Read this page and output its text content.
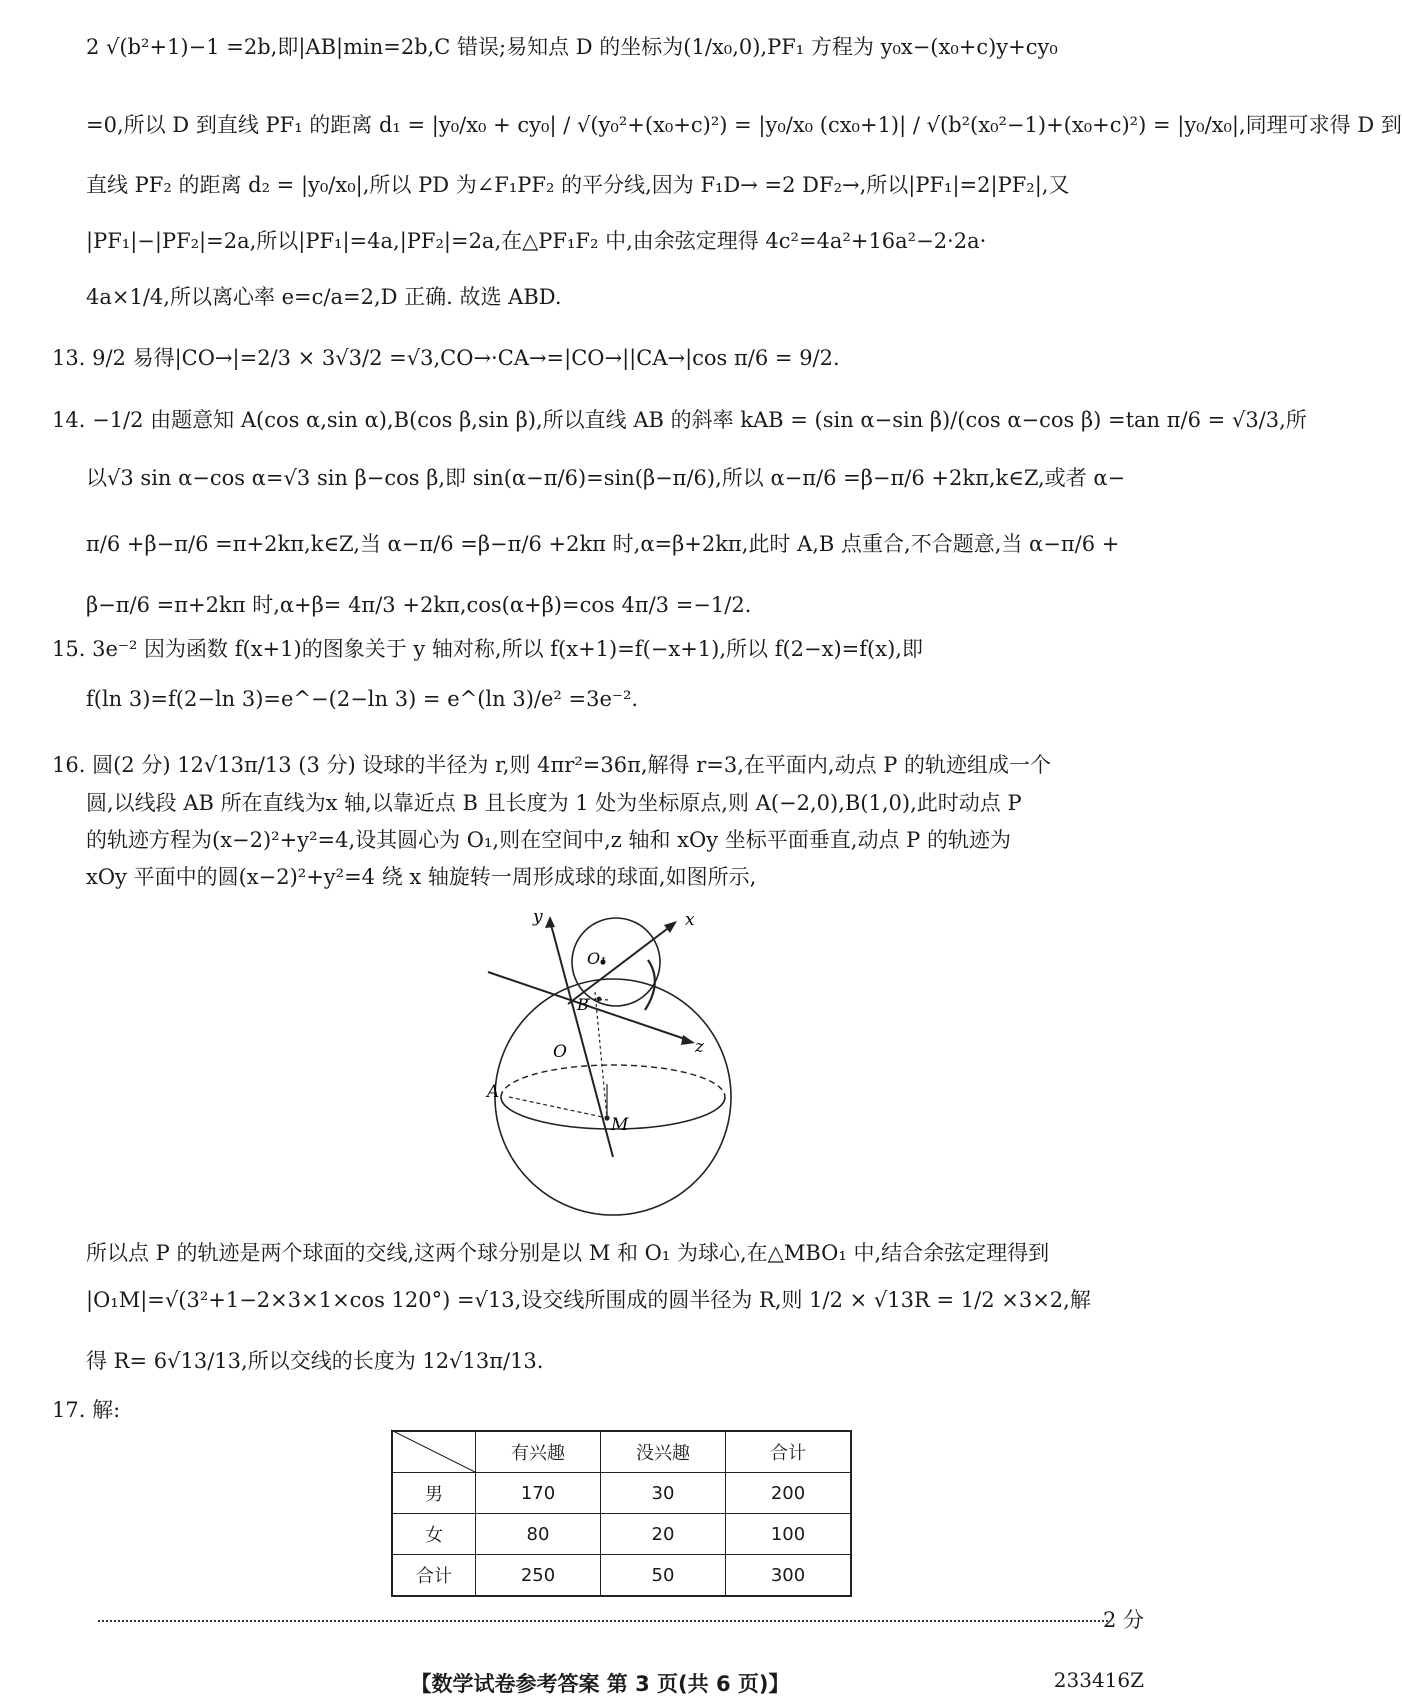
2 √(b²+1)−1 =2b,即|AB|min=2b,C 错误;易知点 D 的坐标为(1/x₀,0),PF₁ 方程为 y₀x−(x₀+c)y+cy₀
=0,所以 D 到直线 PF₁ 的距离 d₁ = |y₀/x₀ + cy₀| / √(y₀²+(x₀+c)²) = |y₀/x₀ (cx₀+1)| / √(b²(x₀²−1)+(x₀+c)²) = |y₀/x₀|,同理可求得 D 到
直线 PF₂ 的距离 d₂ = |y₀/x₀|,所以 PD 为∠F₁PF₂ 的平分线,因为 F₁D→ =2 DF₂→,所以|PF₁|=2|PF₂|,又
|PF₁|−|PF₂|=2a,所以|PF₁|=4a,|PF₂|=2a,在△PF₁F₂ 中,由余弦定理得 4c²=4a²+16a²−2·2a·
4a×1/4,所以离心率 e=c/a=2,D 正确. 故选 ABD.
13. 9/2 易得|CO→|=2/3 × 3√3/2 =√3,CO→·CA→=|CO→||CA→|cos π/6 = 9/2.
14. −1/2 由题意知 A(cos α,sin α),B(cos β,sin β),所以直线 AB 的斜率 kAB = (sin α−sin β)/(cos α−cos β) =tan π/6 = √3/3,所
以√3 sin α−cos α=√3 sin β−cos β,即 sin(α−π/6)=sin(β−π/6),所以 α−π/6 =β−π/6 +2kπ,k∈Z,或者 α−
π/6 +β−π/6 =π+2kπ,k∈Z,当 α−π/6 =β−π/6 +2kπ 时,α=β+2kπ,此时 A,B 点重合,不合题意,当 α−π/6 +
β−π/6 =π+2kπ 时,α+β= 4π/3 +2kπ,cos(α+β)=cos 4π/3 =−1/2.
15. 3e⁻² 因为函数 f(x+1)的图象关于 y 轴对称,所以 f(x+1)=f(−x+1),所以 f(2−x)=f(x),即
f(ln 3)=f(2−ln 3)=e^−(2−ln 3) = e^(ln 3)/e² =3e⁻².
16. 圆(2 分) 12√13π/13 (3 分) 设球的半径为 r,则 4πr²=36π,解得 r=3,在平面内,动点 P 的轨迹组成一个
圆,以线段 AB 所在直线为x 轴,以靠近点 B 且长度为 1 处为坐标原点,则 A(−2,0),B(1,0),此时动点 P
的轨迹方程为(x−2)²+y²=4,设其圆心为 O₁,则在空间中,z 轴和 xOy 坐标平面垂直,动点 P 的轨迹为
xOy 平面中的圆(x−2)²+y²=4 绕 x 轴旋转一周形成球的球面,如图所示,
y	x
z
O
O₁
B
A
M
所以点 P 的轨迹是两个球面的交线,这两个球分别是以 M 和 O₁ 为球心,在△MBO₁ 中,结合余弦定理得到
|O₁M|=√(3²+1−2×3×1×cos 120°) =√13,设交线所围成的圆半径为 R,则 1/2 × √13R = 1/2 ×3×2,解
得 R= 6√13/13,所以交线的长度为 12√13π/13.
17. 解:
	有兴趣	没兴趣	合计
男	170	30	200
女	80	20	100
合计	250	50	300
2 分
【数学试卷参考答案 第 3 页(共 6 页)】	233416Z
